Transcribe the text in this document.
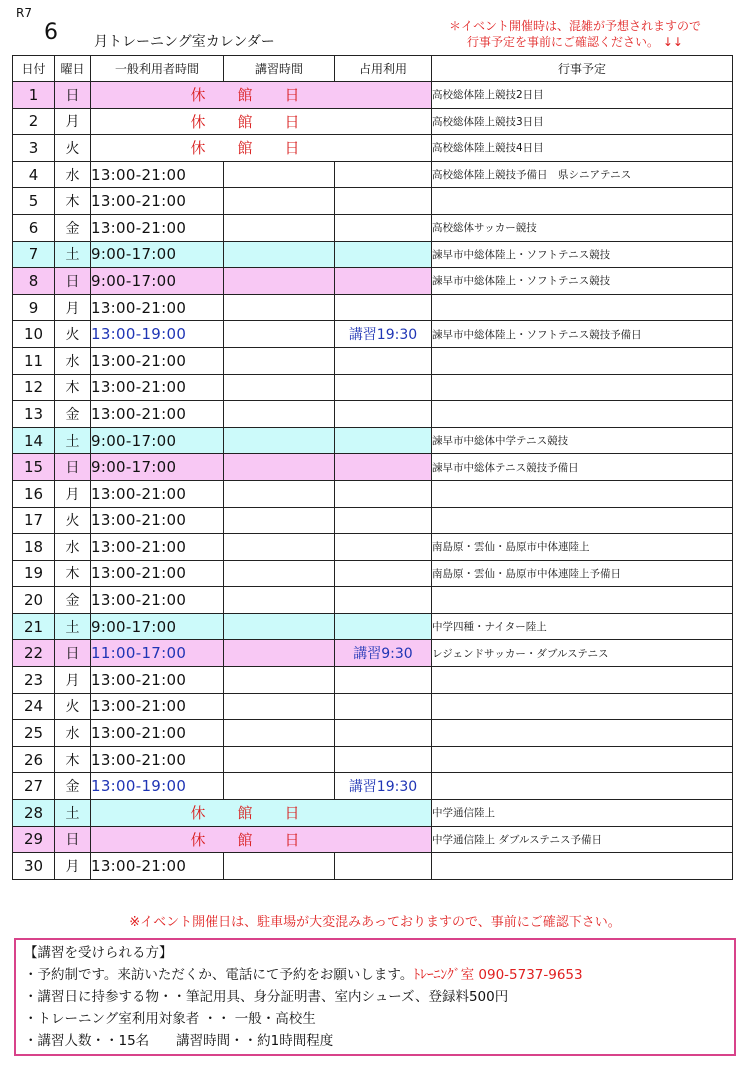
R7
6	月トレーニング室カレンダー
＊イベント開催時は、混雑が予想されますので
行事予定を事前にご確認ください。 ↓↓
日付	曜日	一般利用者時間	講習時間	占用利用	行事予定
1	日	休館日			高校総体陸上競技2日目
2	月	休館日			高校総体陸上競技3日目
3	火	休館日			高校総体陸上競技4日目
4	水	13:00-21:00			高校総体陸上競技予備日　県シニアテニス
5	木	13:00-21:00			
6	金	13:00-21:00			高校総体サッカー競技
7	土	9:00-17:00			諫早市中総体陸上・ソフトテニス競技
8	日	9:00-17:00			諫早市中総体陸上・ソフトテニス競技
9	月	13:00-21:00			
10	火	13:00-19:00		講習19:30	諫早市中総体陸上・ソフトテニス競技予備日
11	水	13:00-21:00			
12	木	13:00-21:00			
13	金	13:00-21:00			
14	土	9:00-17:00			諫早市中総体中学テニス競技
15	日	9:00-17:00			諫早市中総体テニス競技予備日
16	月	13:00-21:00			
17	火	13:00-21:00			
18	水	13:00-21:00			南島原・雲仙・島原市中体連陸上
19	木	13:00-21:00			南島原・雲仙・島原市中体連陸上予備日
20	金	13:00-21:00			
21	土	9:00-17:00			中学四種・ナイター陸上
22	日	11:00-17:00		講習9:30	レジェンドサッカー・ダブルステニス
23	月	13:00-21:00			
24	火	13:00-21:00			
25	水	13:00-21:00			
26	木	13:00-21:00			
27	金	13:00-19:00		講習19:30	
28	土	休館日			中学通信陸上
29	日	休館日			中学通信陸上 ダブルステニス予備日
30	月	13:00-21:00			
※イベント開催日は、駐車場が大変混みあっておりますので、事前にご確認下さい。
【講習を受けられる方】
・予約制です。来訪いただくか、電話にて予約をお願いします。ﾄﾚｰﾆﾝｸﾞ室 090-5737-9653
・講習日に持参する物・・筆記用具、身分証明書、室内シューズ、登録料500円
・トレーニング室利用対象者 ・・ 一般・高校生
・講習人数・・15名　　講習時間・・約1時間程度
